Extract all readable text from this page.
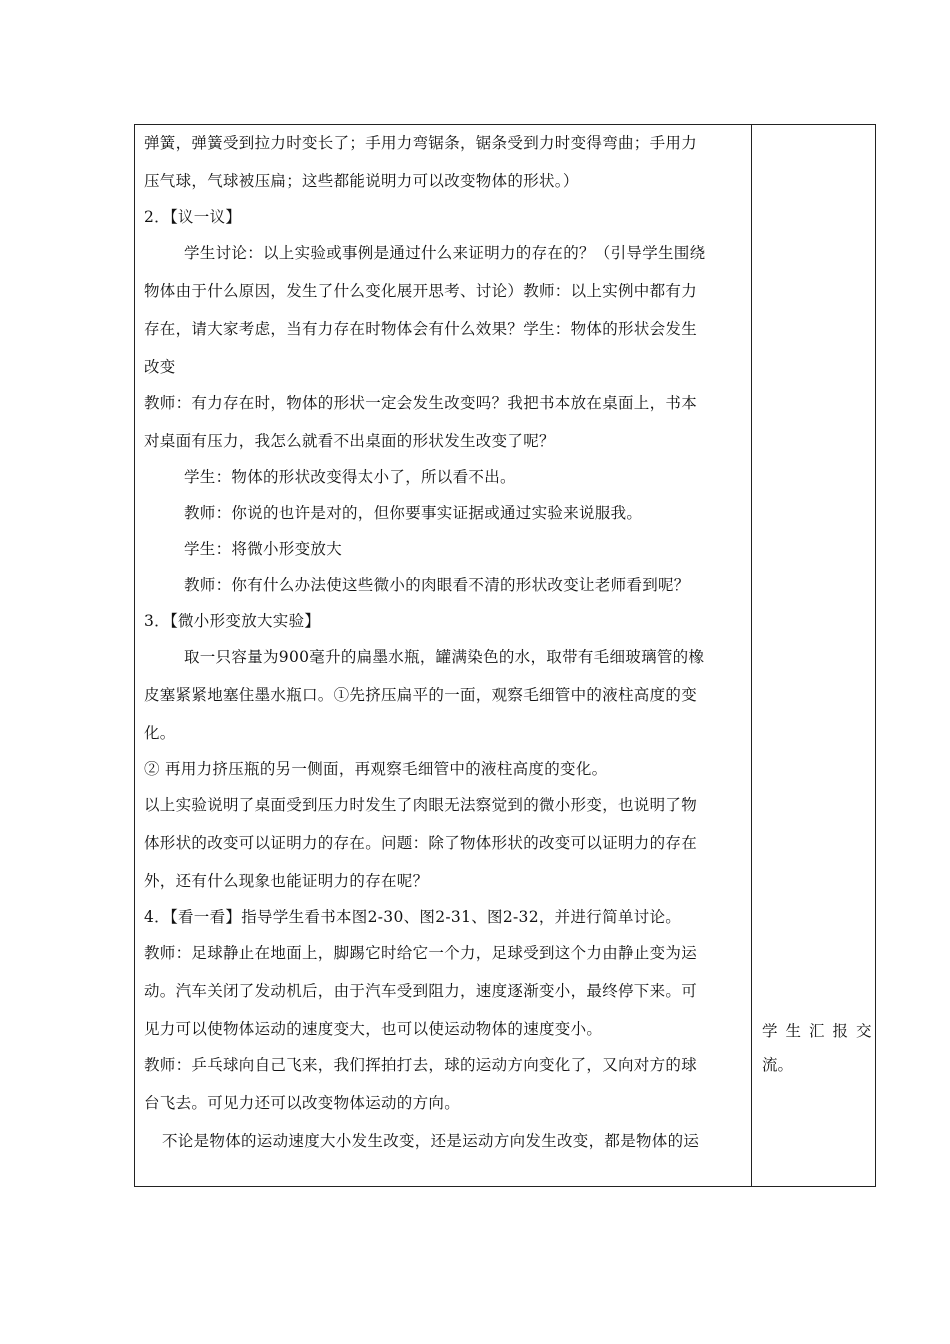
弹簧，弹簧受到拉力时变长了；手用力弯锯条，锯条受到力时变得弯曲；手用力
压气球，气球被压扁；这些都能说明力可以改变物体的形状。）
2．【议一议】
学生讨论：以上实验或事例是通过什么来证明力的存在的？（引导学生围绕
物体由于什么原因，发生了什么变化展开思考、讨论）教师：以上实例中都有力
存在，请大家考虑，当有力存在时物体会有什么效果？学生：物体的形状会发生
改变
教师：有力存在时，物体的形状一定会发生改变吗？我把书本放在桌面上，书本
对桌面有压力，我怎么就看不出桌面的形状发生改变了呢？
学生：物体的形状改变得太小了，所以看不出。
教师：你说的也许是对的，但你要事实证据或通过实验来说服我。
学生：将微小形变放大
教师：你有什么办法使这些微小的肉眼看不清的形状改变让老师看到呢？
3．【微小形变放大实验】
取一只容量为900毫升的扁墨水瓶，罐满染色的水，取带有毛细玻璃管的橡
皮塞紧紧地塞住墨水瓶口。①先挤压扁平的一面，观察毛细管中的液柱高度的变
化。
② 再用力挤压瓶的另一侧面，再观察毛细管中的液柱高度的变化。
以上实验说明了桌面受到压力时发生了肉眼无法察觉到的微小形变，也说明了物
体形状的改变可以证明力的存在。问题：除了物体形状的改变可以证明力的存在
外，还有什么现象也能证明力的存在呢？
4．【看一看】指导学生看书本图2-30、图2-31、图2-32，并进行简单讨论。
教师：足球静止在地面上，脚踢它时给它一个力，足球受到这个力由静止变为运
动。汽车关闭了发动机后，由于汽车受到阻力，速度逐渐变小，最终停下来。可
见力可以使物体运动的速度变大，也可以使运动物体的速度变小。
教师：乒乓球向自己飞来，我们挥拍打去，球的运动方向变化了，又向对方的球
台飞去。可见力还可以改变物体运动的方向。
不论是物体的运动速度大小发生改变，还是运动方向发生改变，都是物体的运
学生汇报交
流。
